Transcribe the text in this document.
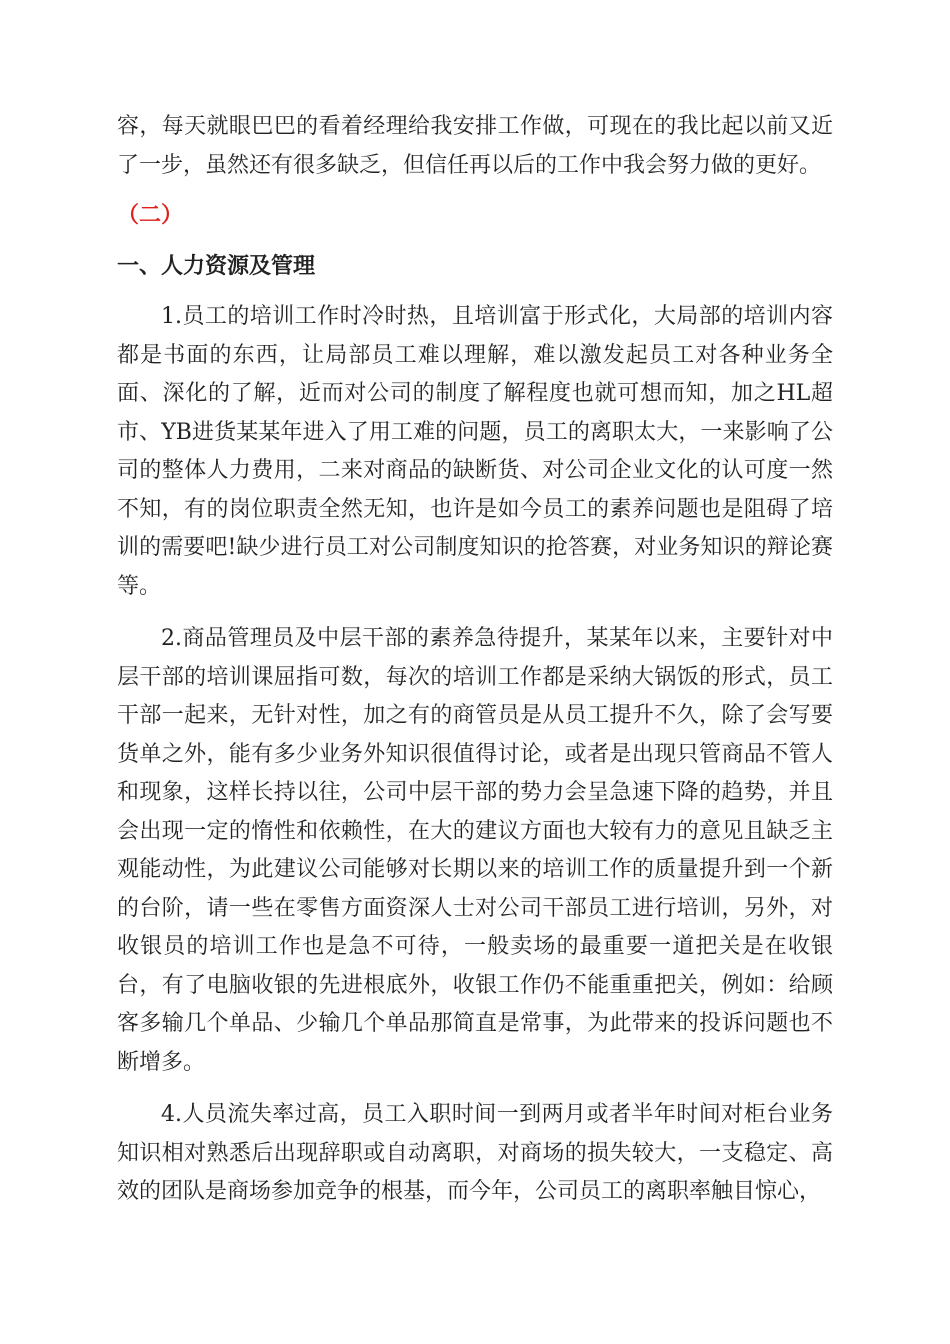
容，每天就眼巴巴的看着经理给我安排工作做，可现在的我比起以前又近了一步，虽然还有很多缺乏，但信任再以后的工作中我会努力做的更好。

（二）

一、人力资源及管理

1.员工的培训工作时冷时热，且培训富于形式化，大局部的培训内容都是书面的东西，让局部员工难以理解，难以激发起员工对各种业务全面、深化的了解，近而对公司的制度了解程度也就可想而知，加之HL超市、YB进货某某年进入了用工难的问题，员工的离职太大，一来影响了公司的整体人力费用，二来对商品的缺断货、对公司企业文化的认可度一然不知，有的岗位职责全然无知，也许是如今员工的素养问题也是阻碍了培训的需要吧!缺少进行员工对公司制度知识的抢答赛，对业务知识的辩论赛等。

2.商品管理员及中层干部的素养急待提升，某某年以来，主要针对中层干部的培训课屈指可数，每次的培训工作都是采纳大锅饭的形式，员工干部一起来，无针对性，加之有的商管员是从员工提升不久，除了会写要货单之外，能有多少业务外知识很值得讨论，或者是出现只管商品不管人和现象，这样长持以往，公司中层干部的势力会呈急速下降的趋势，并且会出现一定的惰性和依赖性，在大的建议方面也大较有力的意见且缺乏主观能动性，为此建议公司能够对长期以来的培训工作的质量提升到一个新的台阶，请一些在零售方面资深人士对公司干部员工进行培训，另外，对收银员的培训工作也是急不可待，一般卖场的最重要一道把关是在收银台，有了电脑收银的先进根底外，收银工作仍不能重重把关，例如：给顾客多输几个单品、少输几个单品那简直是常事，为此带来的投诉问题也不断增多。

4.人员流失率过高，员工入职时间一到两月或者半年时间对柜台业务知识相对熟悉后出现辞职或自动离职，对商场的损失较大，一支稳定、高效的团队是商场参加竞争的根基，而今年，公司员工的离职率触目惊心，
